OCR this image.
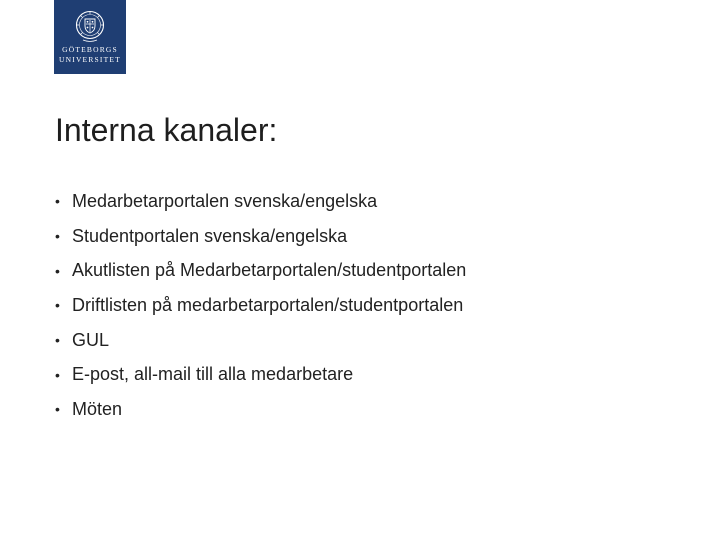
GÖTEBORGS
UNIVERSITET
Interna kanaler:
• Medarbetarportalen svenska/engelska
• Studentportalen svenska/engelska
• Akutlisten på Medarbetarportalen/studentportalen
• Driftlisten på medarbetarportalen/studentportalen
• GUL
• E-post, all-mail till alla medarbetare
• Möten
